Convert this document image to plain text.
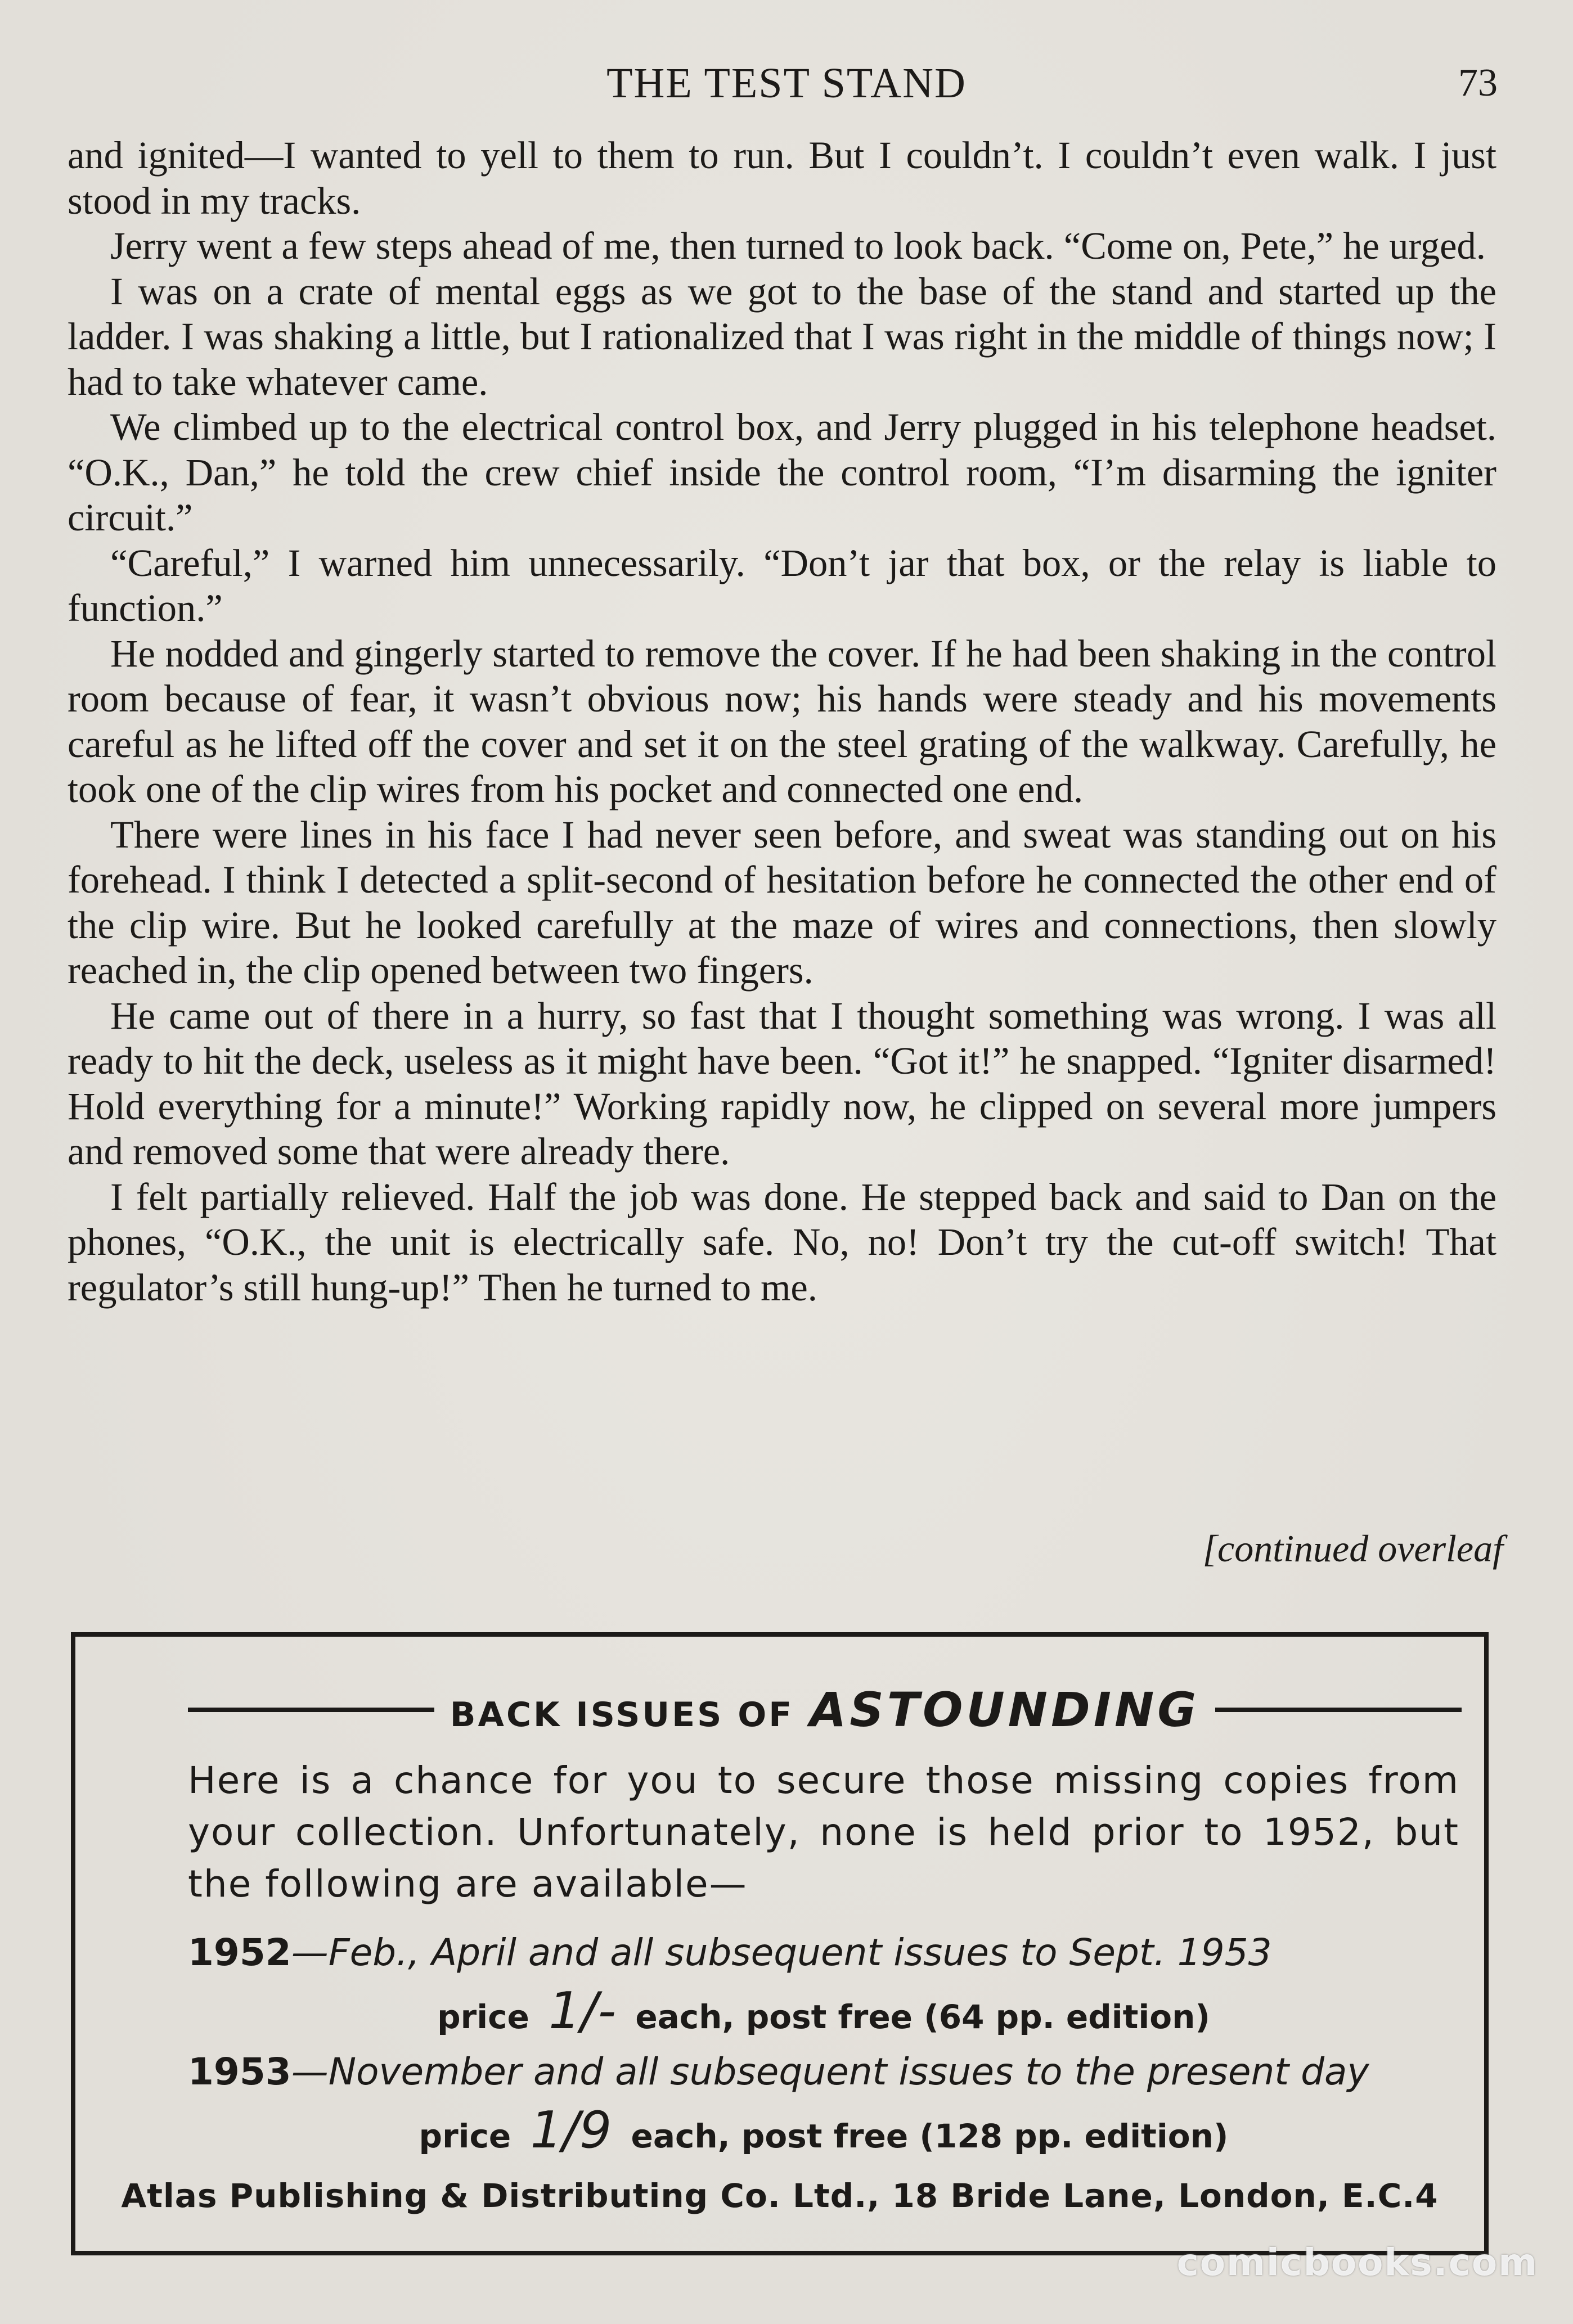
THE TEST STAND	73

and ignited—I wanted to yell to them to run. But I couldn’t. I couldn’t even walk. I just stood in my tracks.

Jerry went a few steps ahead of me, then turned to look back. “Come on, Pete,” he urged.

I was on a crate of mental eggs as we got to the base of the stand and started up the ladder. I was shaking a little, but I rationalized that I was right in the middle of things now; I had to take whatever came.

We climbed up to the electrical control box, and Jerry plugged in his telephone headset. “O.K., Dan,” he told the crew chief inside the control room, “I’m disarming the igniter circuit.”

“Careful,” I warned him unnecessarily. “Don’t jar that box, or the relay is liable to function.”

He nodded and gingerly started to remove the cover. If he had been shaking in the control room because of fear, it wasn’t obvious now; his hands were steady and his movements careful as he lifted off the cover and set it on the steel grating of the walkway. Carefully, he took one of the clip wires from his pocket and connected one end.

There were lines in his face I had never seen before, and sweat was standing out on his forehead. I think I detected a split-second of hesitation before he connected the other end of the clip wire. But he looked carefully at the maze of wires and connections, then slowly reached in, the clip opened between two fingers.

He came out of there in a hurry, so fast that I thought something was wrong. I was all ready to hit the deck, useless as it might have been. “Got it!” he snapped. “Igniter disarmed! Hold everything for a minute!” Working rapidly now, he clipped on several more jumpers and removed some that were already there.

I felt partially relieved. Half the job was done. He stepped back and said to Dan on the phones, “O.K., the unit is electrically safe. No, no! Don’t try the cut-off switch! That regulator’s still hung-up!” Then he turned to me.

[continued overleaf
BACK ISSUES OF ASTOUNDING
Here is a chance for you to secure those missing copies from your collection. Unfortunately, none is held prior to 1952, but the following are available—
1952—Feb., April and all subsequent issues to Sept. 1953
price 1/- each, post free (64 pp. edition)
1953—November and all subsequent issues to the present day
price 1/9 each, post free (128 pp. edition)
Atlas Publishing & Distributing Co. Ltd., 18 Bride Lane, London, E.C.4
comicbooks.com
